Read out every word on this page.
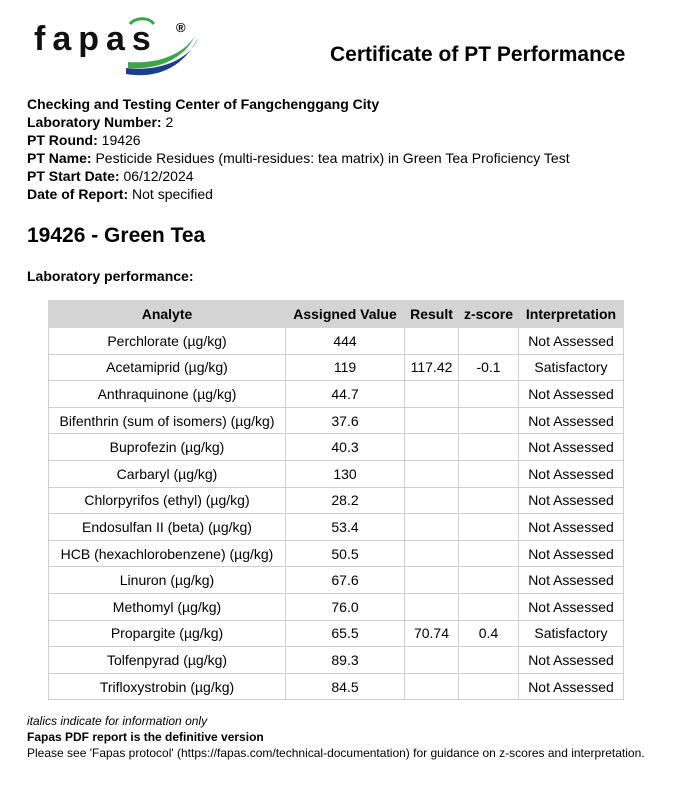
fapas ®
Certificate of PT Performance
Checking and Testing Center of Fangchenggang City
Laboratory Number: 2
PT Round: 19426
PT Name: Pesticide Residues (multi-residues: tea matrix) in Green Tea Proficiency Test
PT Start Date: 06/12/2024
Date of Report: Not specified
19426 - Green Tea
Laboratory performance:
Analyte	Assigned Value	Result	z-score	Interpretation
Perchlorate (µg/kg)	444			Not Assessed
Acetamiprid (µg/kg)	119	117.42	-0.1	Satisfactory
Anthraquinone (µg/kg)	44.7			Not Assessed
Bifenthrin (sum of isomers) (µg/kg)	37.6			Not Assessed
Buprofezin (µg/kg)	40.3			Not Assessed
Carbaryl (µg/kg)	130			Not Assessed
Chlorpyrifos (ethyl) (µg/kg)	28.2			Not Assessed
Endosulfan II (beta) (µg/kg)	53.4			Not Assessed
HCB (hexachlorobenzene) (µg/kg)	50.5			Not Assessed
Linuron (µg/kg)	67.6			Not Assessed
Methomyl (µg/kg)	76.0			Not Assessed
Propargite (µg/kg)	65.5	70.74	0.4	Satisfactory
Tolfenpyrad (µg/kg)	89.3			Not Assessed
Trifloxystrobin (µg/kg)	84.5			Not Assessed
italics indicate for information only
Fapas PDF report is the definitive version
Please see 'Fapas protocol' (https://fapas.com/technical-documentation) for guidance on z-scores and interpretation.
